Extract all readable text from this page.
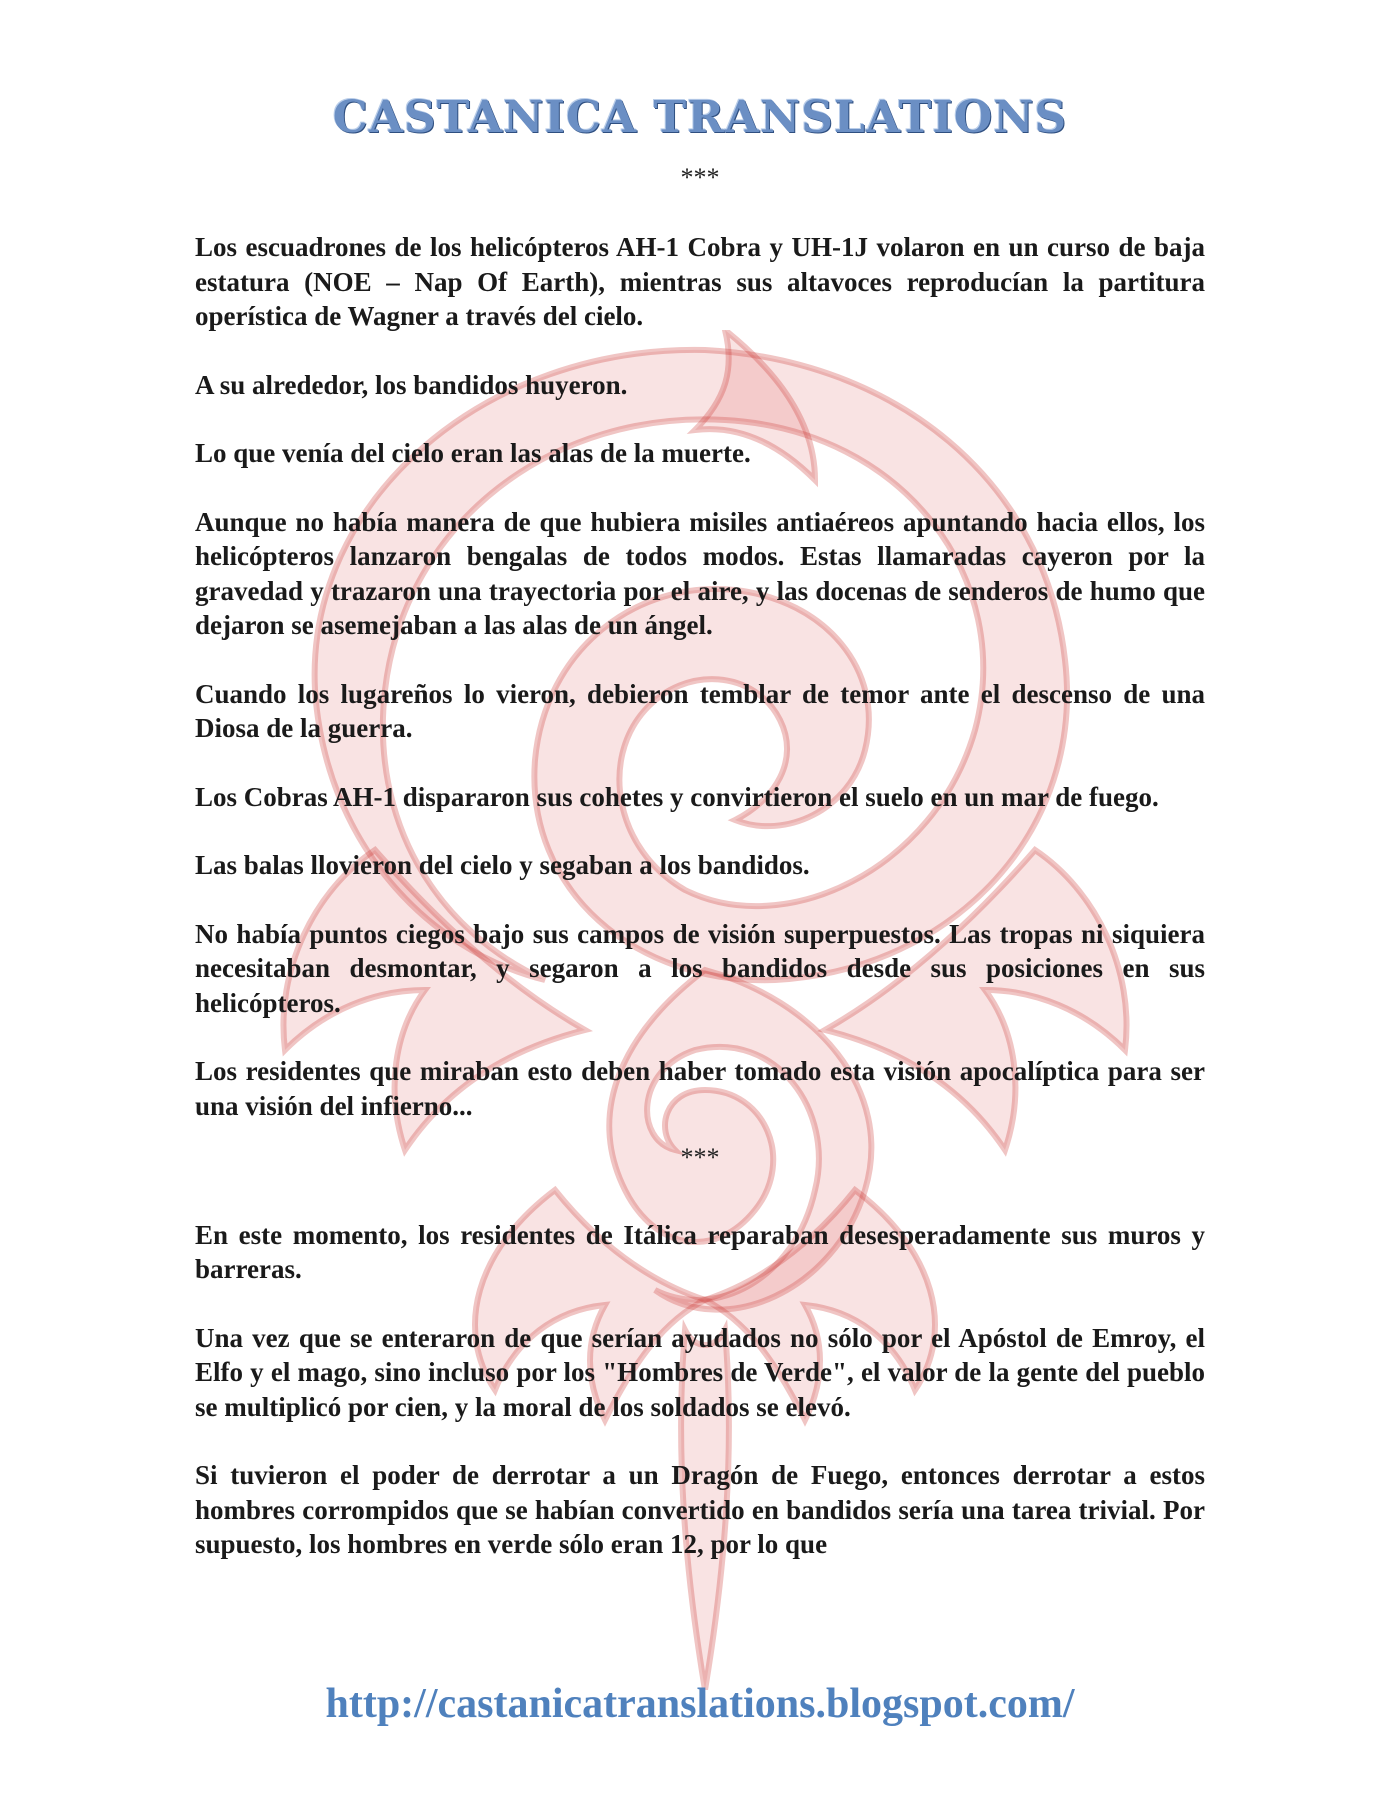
CASTANICA TRANSLATIONS
***

Los escuadrones de los helicópteros AH-1 Cobra y UH-1J volaron en un curso de baja estatura (NOE – Nap Of Earth), mientras sus altavoces reproducían la partitura operística de Wagner a través del cielo.

A su alrededor, los bandidos huyeron.

Lo que venía del cielo eran las alas de la muerte.

Aunque no había manera de que hubiera misiles antiaéreos apuntando hacia ellos, los helicópteros lanzaron bengalas de todos modos. Estas llamaradas cayeron por la gravedad y trazaron una trayectoria por el aire, y las docenas de senderos de humo que dejaron se asemejaban a las alas de un ángel.

Cuando los lugareños lo vieron, debieron temblar de temor ante el descenso de una Diosa de la guerra.

Los Cobras AH-1 dispararon sus cohetes y convirtieron el suelo en un mar de fuego.

Las balas llovieron del cielo y segaban a los bandidos.

No había puntos ciegos bajo sus campos de visión superpuestos. Las tropas ni siquiera necesitaban desmontar, y segaron a los bandidos desde sus posiciones en sus helicópteros.

Los residentes que miraban esto deben haber tomado esta visión apocalíptica para ser una visión del infierno...

***

En este momento, los residentes de Itálica reparaban desesperadamente sus muros y barreras.

Una vez que se enteraron de que serían ayudados no sólo por el Apóstol de Emroy, el Elfo y el mago, sino incluso por los "Hombres de Verde", el valor de la gente del pueblo se multiplicó por cien, y la moral de los soldados se elevó.

Si tuvieron el poder de derrotar a un Dragón de Fuego, entonces derrotar a estos hombres corrompidos que se habían convertido en bandidos sería una tarea trivial. Por supuesto, los hombres en verde sólo eran 12, por lo que

http://castanicatranslations.blogspot.com/
